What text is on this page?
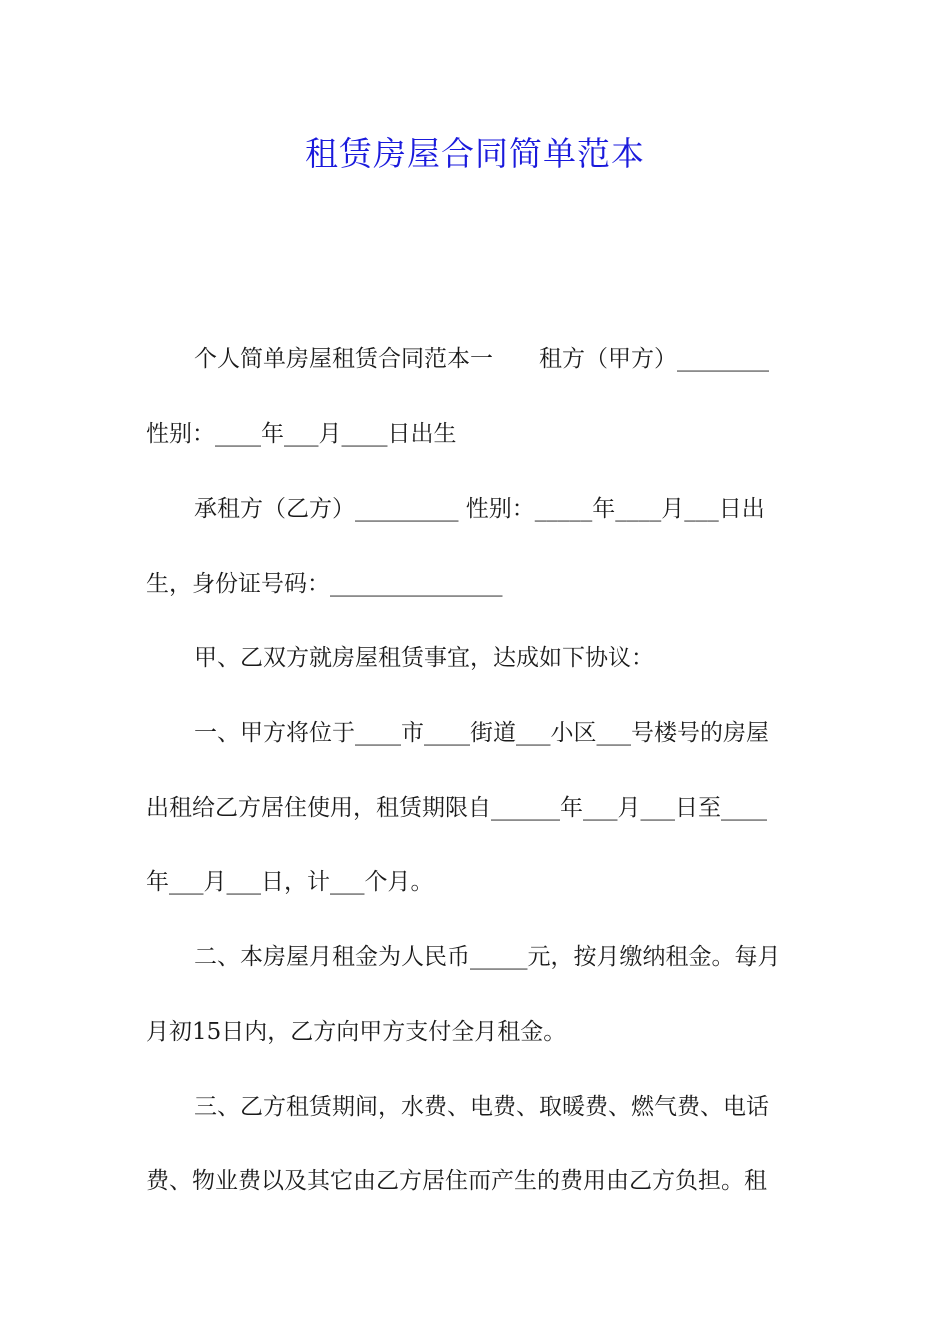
租赁房屋合同简单范本
个人简单房屋租赁合同范本一　　租方（甲方）________
性别：____年___月____日出生
承租方（乙方）_________ 性别：_____年____月___日出
生，身份证号码：_______________
甲、乙双方就房屋租赁事宜，达成如下协议：
一、甲方将位于____市____街道___小区___号楼号的房屋
出租给乙方居住使用，租赁期限自______年___月___日至____
年___月___日，计___个月。
二、本房屋月租金为人民币_____元，按月缴纳租金。每月
月初15日内，乙方向甲方支付全月租金。
三、乙方租赁期间，水费、电费、取暖费、燃气费、电话
费、物业费以及其它由乙方居住而产生的费用由乙方负担。租
